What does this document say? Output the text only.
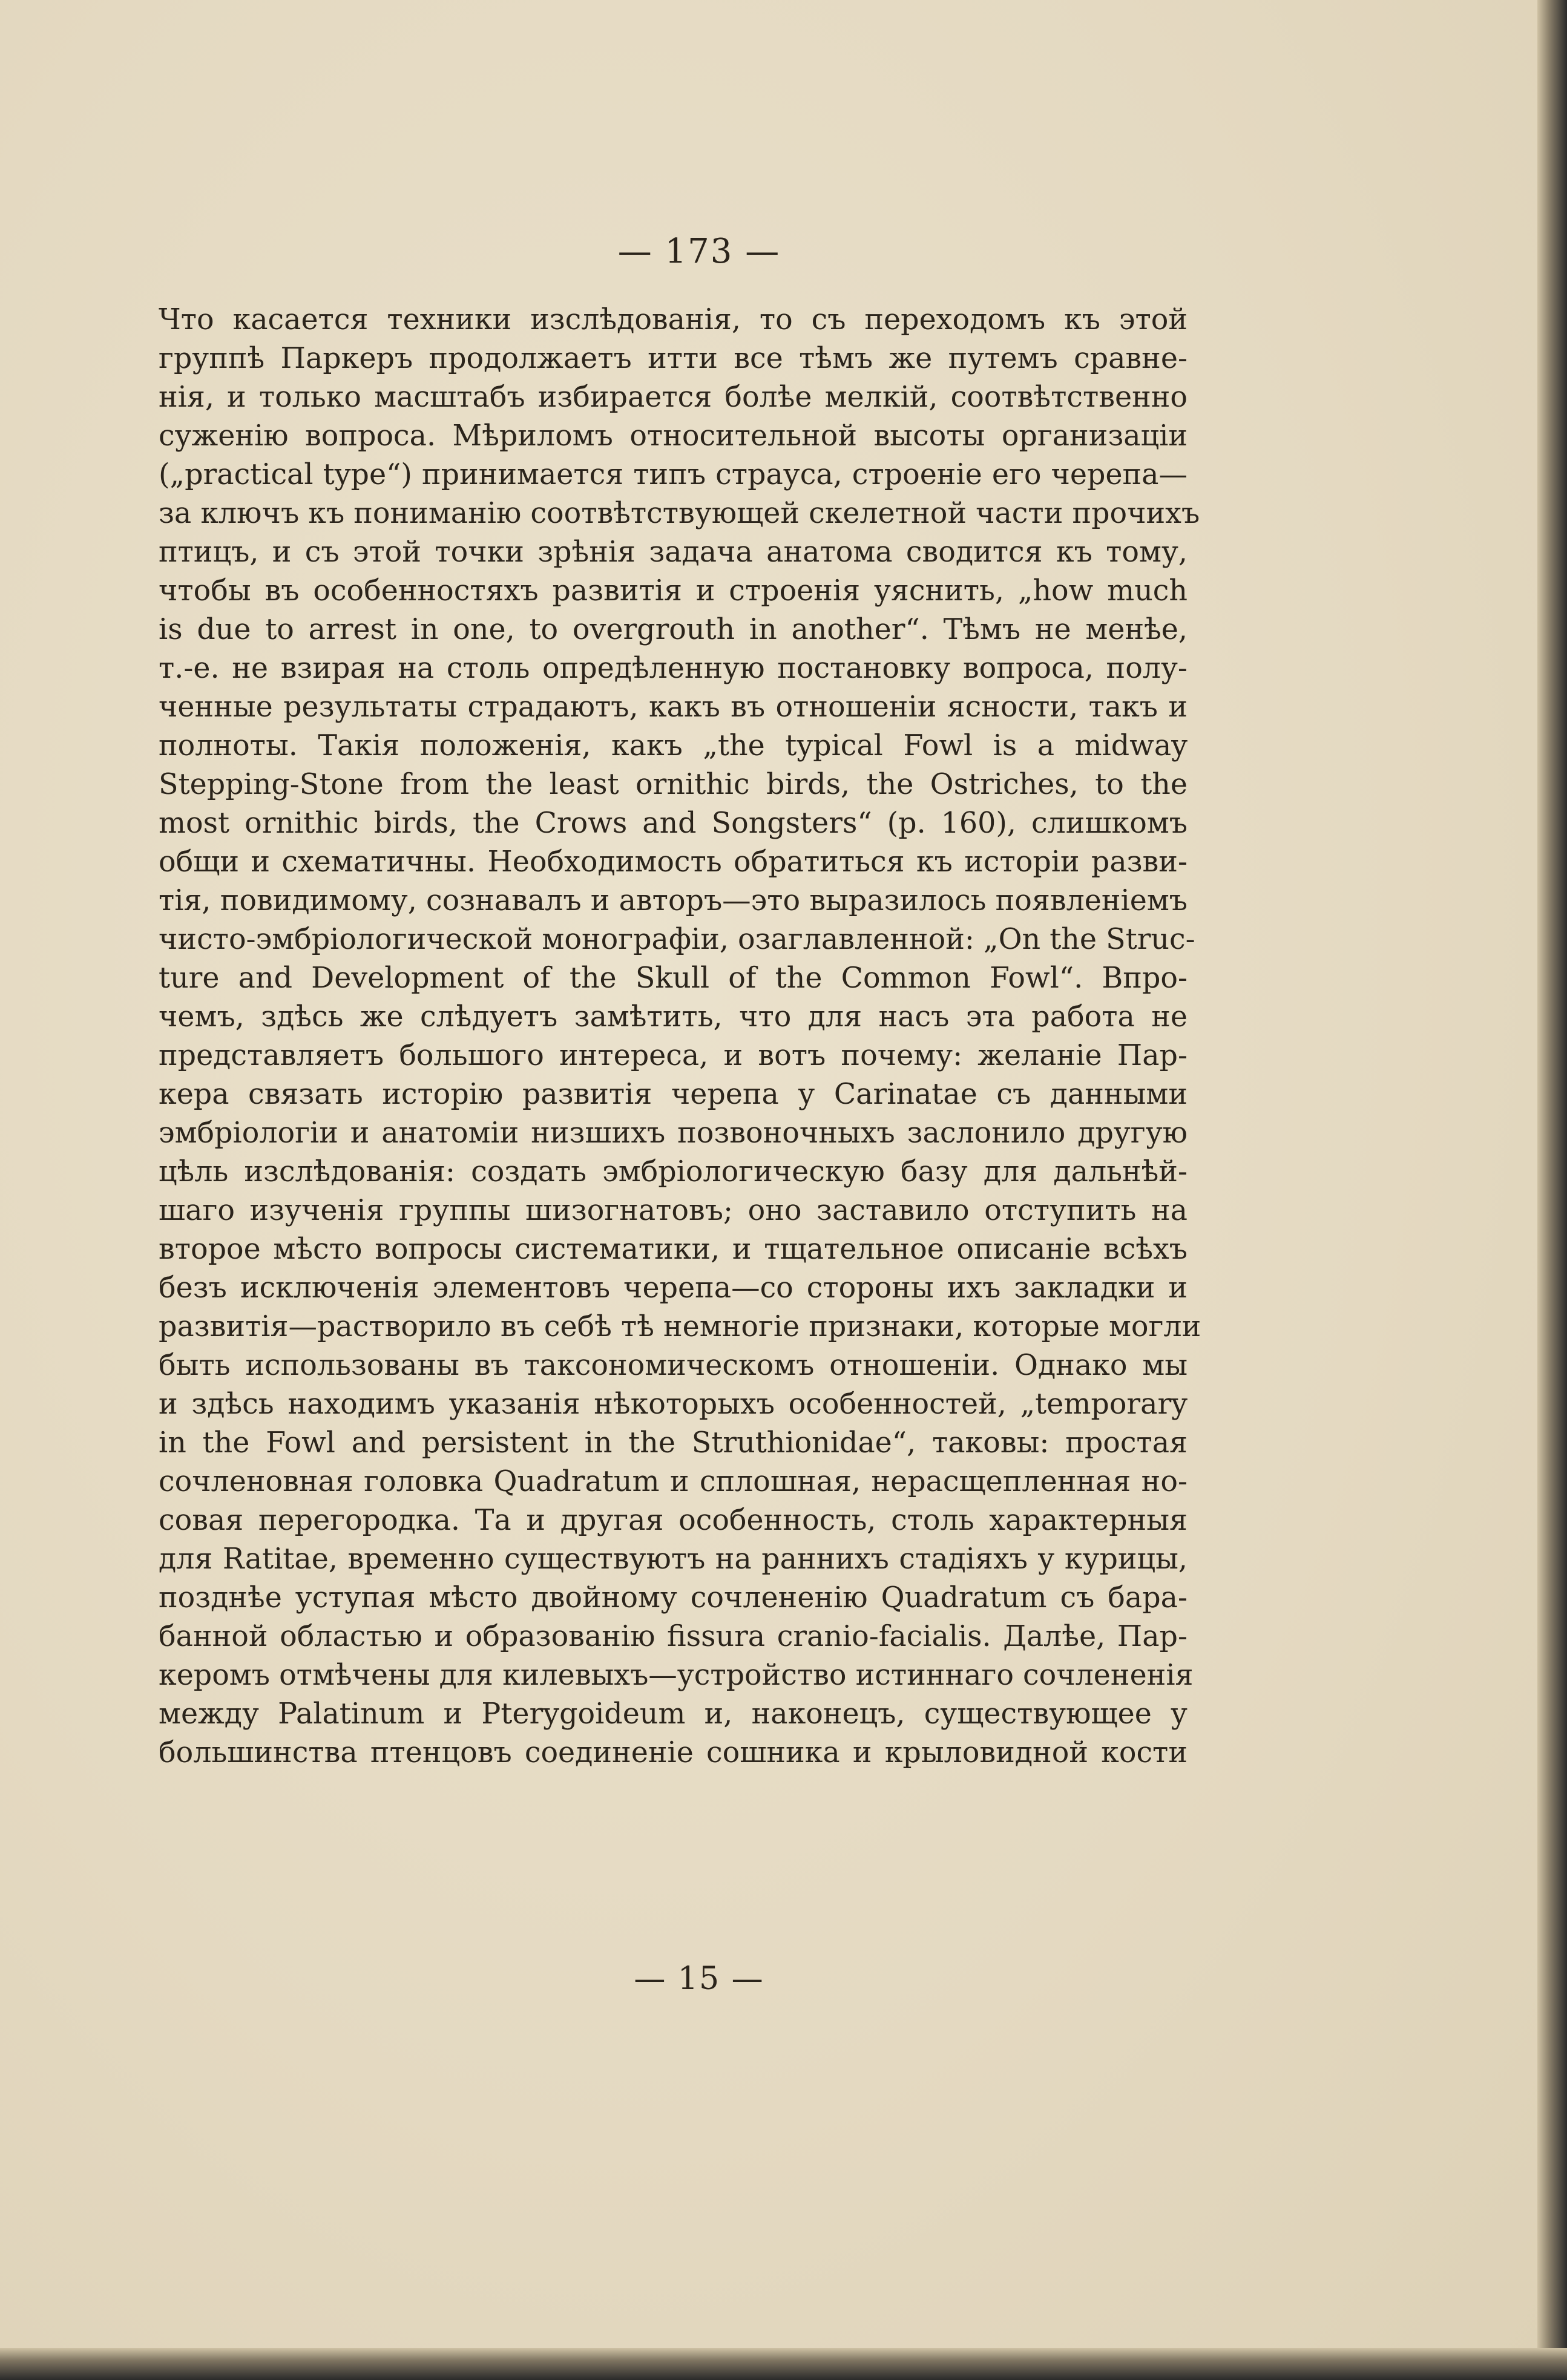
— 173 —
Что касается техники изслѣдованія, то съ переходомъ къ этой
группѣ Паркеръ продолжаетъ итти все тѣмъ же путемъ сравне-
нія, и только масштабъ избирается болѣе мелкій, соотвѣтственно
суженію вопроса. Мѣриломъ относительной высоты организаціи
(„practical type“) принимается типъ страуса, строеніе его черепа—
за ключъ къ пониманію соотвѣтствующей скелетной части прочихъ
птицъ, и съ этой точки зрѣнія задача анатома сводится къ тому,
чтобы въ особенностяхъ развитія и строенія уяснить, „how much
is due to arrest in one, to overgrouth in another“. Тѣмъ не менѣе,
т.-е. не взирая на столь опредѣленную постановку вопроса, полу-
ченные результаты страдаютъ, какъ въ отношеніи ясности, такъ и
полноты. Такія положенія, какъ „the typical Fowl is a midway
Stepping-Stone from the least ornithic birds, the Ostriches, to the
most ornithic birds, the Crows and Songsters“ (p. 160), слишкомъ
общи и схематичны. Необходимость обратиться къ исторіи разви-
тія, повидимому, сознавалъ и авторъ—это выразилось появленіемъ
чисто-эмбріологической монографіи, озаглавленной: „On the Struc-
ture and Development of the Skull of the Common Fowl“. Впро-
чемъ, здѣсь же слѣдуетъ замѣтить, что для насъ эта работа не
представляетъ большого интереса, и вотъ почему: желаніе Пар-
кера связать исторію развитія черепа у Carinatae съ данными
эмбріологіи и анатоміи низшихъ позвоночныхъ заслонило другую
цѣль изслѣдованія: создать эмбріологическую базу для дальнѣй-
шаго изученія группы шизогнатовъ; оно заставило отступить на
второе мѣсто вопросы систематики, и тщательное описаніе всѣхъ
безъ исключенія элементовъ черепа—со стороны ихъ закладки и
развитія—растворило въ себѣ тѣ немногіе признаки, которые могли
быть использованы въ таксономическомъ отношеніи. Однако мы
и здѣсь находимъ указанія нѣкоторыхъ особенностей, „temporary
in the Fowl and persistent in the Struthionidae“, таковы: простая
сочленовная головка Quadratum и сплошная, нерасщепленная но-
совая перегородка. Та и другая особенность, столь характерныя
для Ratitae, временно существуютъ на раннихъ стадіяхъ у курицы,
позднѣе уступая мѣсто двойному сочлененію Quadratum съ бара-
банной областью и образованію fissura cranio-facialis. Далѣе, Пар-
керомъ отмѣчены для килевыхъ—устройство истиннаго сочлененія
между Palatinum и Pterygoideum и, наконецъ, существующее у
большинства птенцовъ соединеніе сошника и крыловидной кости
— 15 —
